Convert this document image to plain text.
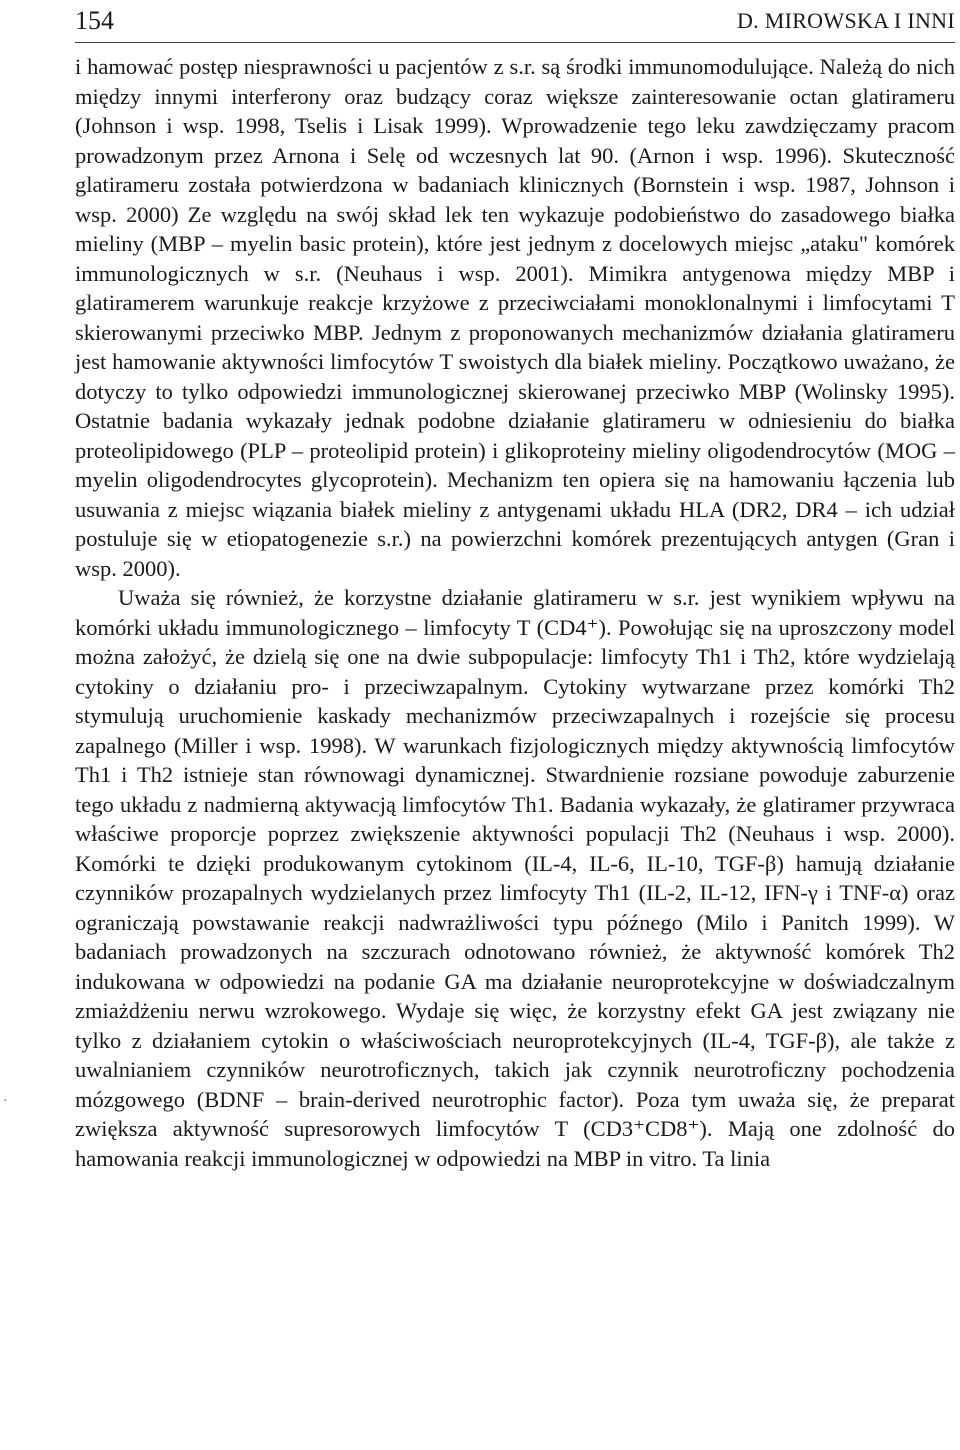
154	D. MIROWSKA I INNI

i hamować postęp niesprawności u pacjentów z s.r. są środki immunomodulujące. Należą do nich między innymi interferony oraz budzący coraz większe zainteresowanie octan glatirameru (Johnson i wsp. 1998, Tselis i Lisak 1999). Wprowadzenie tego leku zawdzięczamy pracom prowadzonym przez Arnona i Selę od wczesnych lat 90. (Arnon i wsp. 1996). Skuteczność glatirameru została potwierdzona w badaniach klinicznych (Bornstein i wsp. 1987, Johnson i wsp. 2000) Ze względu na swój skład lek ten wykazuje podobieństwo do zasadowego białka mieliny (MBP – myelin basic protein), które jest jednym z docelowych miejsc „ataku" komórek immunologicznych w s.r. (Neuhaus i wsp. 2001). Mimikra antygenowa między MBP i glatiramerem warunkuje reakcje krzyżowe z przeciwciałami monoklonalnymi i limfocytami T skierowanymi przeciwko MBP. Jednym z proponowanych mechanizmów działania glatirameru jest hamowanie aktywności limfocytów T swoistych dla białek mieliny. Początkowo uważano, że dotyczy to tylko odpowiedzi immunologicznej skierowanej przeciwko MBP (Wolinsky 1995). Ostatnie badania wykazały jednak podobne działanie glatirameru w odniesieniu do białka proteolipidowego (PLP – proteolipid protein) i glikoproteiny mieliny oligodendrocytów (MOG – myelin oligodendrocytes glycoprotein). Mechanizm ten opiera się na hamowaniu łączenia lub usuwania z miejsc wiązania białek mieliny z antygenami układu HLA (DR2, DR4 – ich udział postuluje się w etiopatogenezie s.r.) na powierzchni komórek prezentujących antygen (Gran i wsp. 2000).

Uważa się również, że korzystne działanie glatirameru w s.r. jest wynikiem wpływu na komórki układu immunologicznego – limfocyty T (CD4⁺). Powołując się na uproszczony model można założyć, że dzielą się one na dwie subpopulacje: limfocyty Th1 i Th2, które wydzielają cytokiny o działaniu pro- i przeciwzapalnym. Cytokiny wytwarzane przez komórki Th2 stymulują uruchomienie kaskady mechanizmów przeciwzapalnych i rozejście się procesu zapalnego (Miller i wsp. 1998). W warunkach fizjologicznych między aktywnością limfocytów Th1 i Th2 istnieje stan równowagi dynamicznej. Stwardnienie rozsiane powoduje zaburzenie tego układu z nadmierną aktywacją limfocytów Th1. Badania wykazały, że glatiramer przywraca właściwe proporcje poprzez zwiększenie aktywności populacji Th2 (Neuhaus i wsp. 2000). Komórki te dzięki produkowanym cytokinom (IL-4, IL-6, IL-10, TGF-β) hamują działanie czynników prozapalnych wydzielanych przez limfocyty Th1 (IL-2, IL-12, IFN-γ i TNF-α) oraz ograniczają powstawanie reakcji nadwrażliwości typu późnego (Milo i Panitch 1999). W badaniach prowadzonych na szczurach odnotowano również, że aktywność komórek Th2 indukowana w odpowiedzi na podanie GA ma działanie neuroprotekcyjne w doświadczalnym zmiażdżeniu nerwu wzrokowego. Wydaje się więc, że korzystny efekt GA jest związany nie tylko z działaniem cytokin o właściwościach neuroprotekcyjnych (IL-4, TGF-β), ale także z uwalnianiem czynników neurotroficznych, takich jak czynnik neurotroficzny pochodzenia mózgowego (BDNF – brain-derived neurotrophic factor). Poza tym uważa się, że preparat zwiększa aktywność supresorowych limfocytów T (CD3⁺CD8⁺). Mają one zdolność do hamowania reakcji immunologicznej w odpowiedzi na MBP in vitro. Ta linia

·
